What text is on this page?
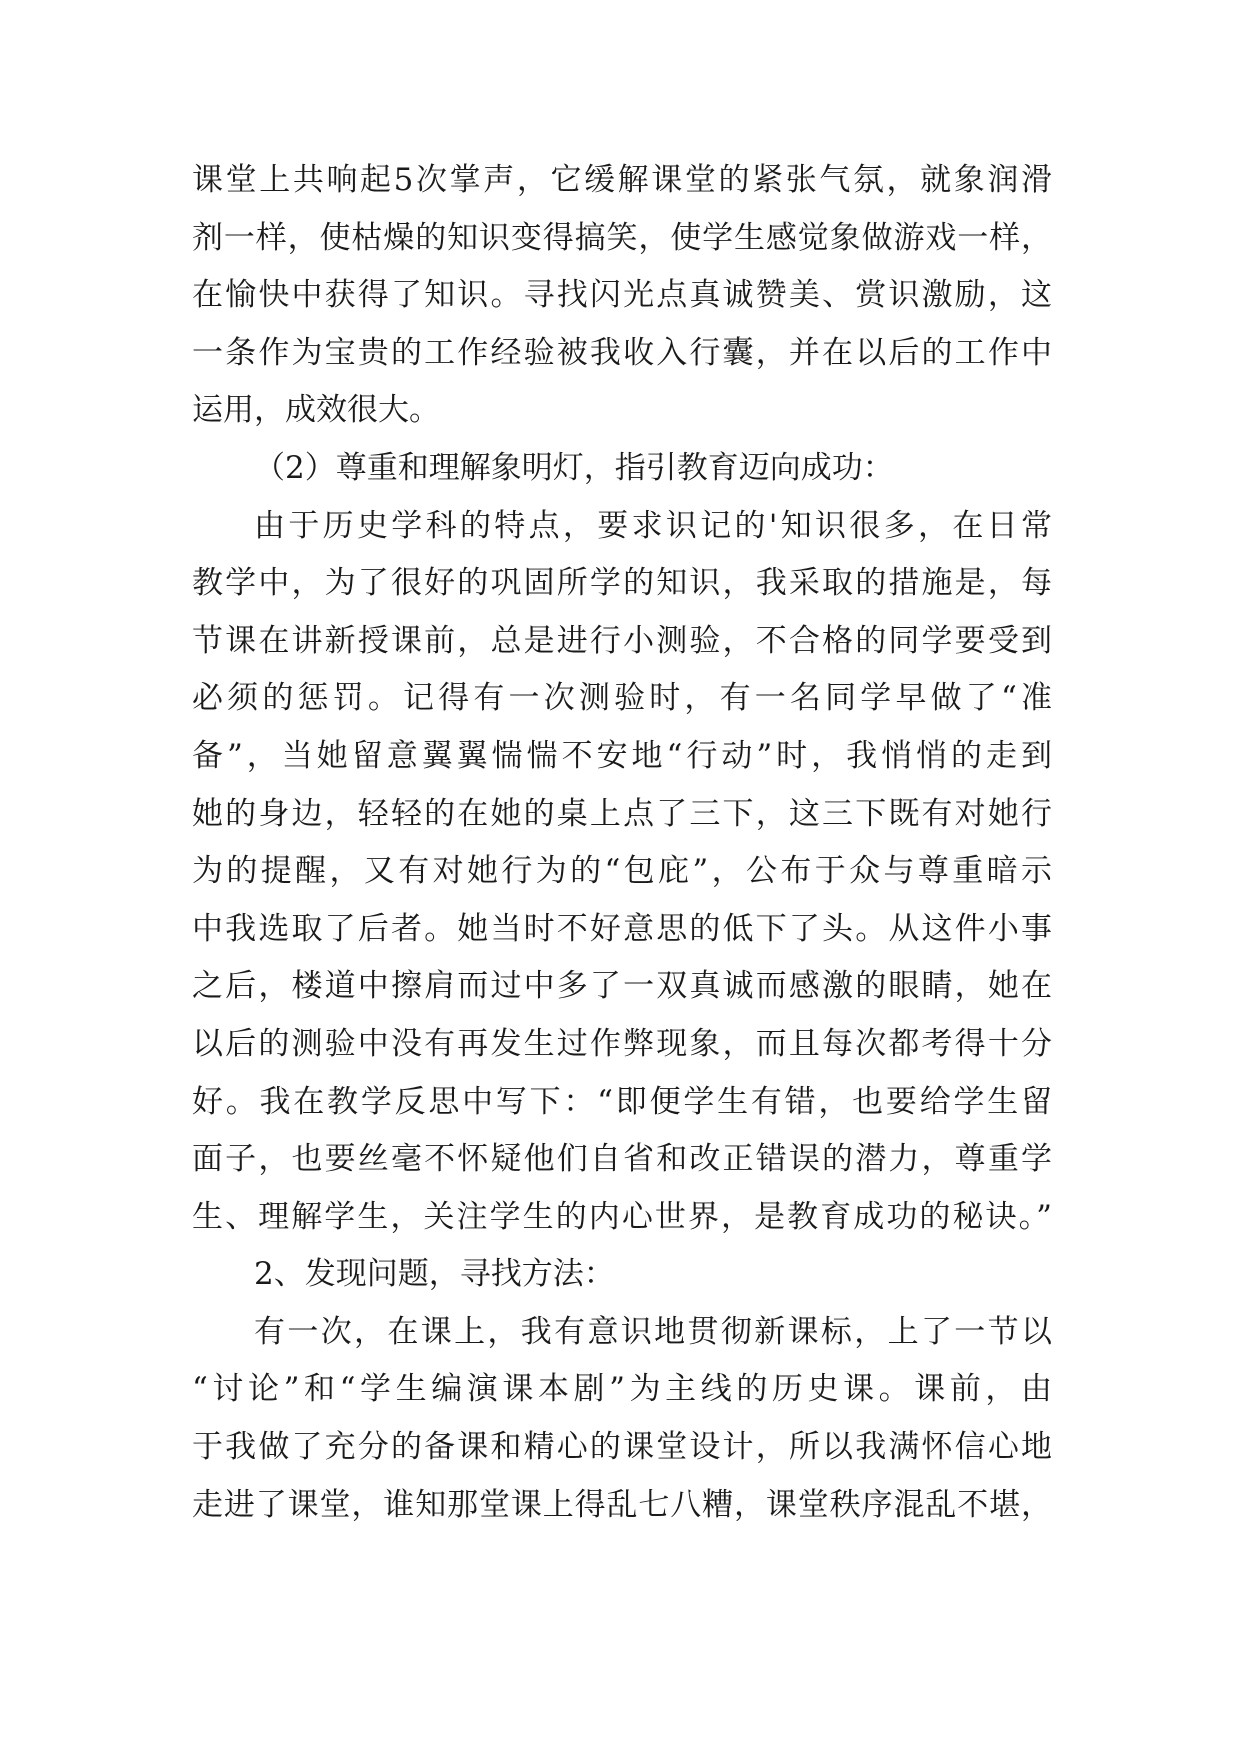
课堂上共响起5次掌声，它缓解课堂的紧张气氛，就象润滑
剂一样，使枯燥的知识变得搞笑，使学生感觉象做游戏一样，
在愉快中获得了知识。寻找闪光点真诚赞美、赏识激励，这
一条作为宝贵的工作经验被我收入行囊，并在以后的工作中
运用，成效很大。
（2）尊重和理解象明灯，指引教育迈向成功：
由于历史学科的特点，要求识记的'知识很多，在日常
教学中，为了很好的巩固所学的知识，我采取的措施是，每
节课在讲新授课前，总是进行小测验，不合格的同学要受到
必须的惩罚。记得有一次测验时，有一名同学早做了“准
备”，当她留意翼翼惴惴不安地“行动”时，我悄悄的走到
她的身边，轻轻的在她的桌上点了三下，这三下既有对她行
为的提醒，又有对她行为的“包庇”，公布于众与尊重暗示
中我选取了后者。她当时不好意思的低下了头。从这件小事
之后，楼道中擦肩而过中多了一双真诚而感激的眼睛，她在
以后的测验中没有再发生过作弊现象，而且每次都考得十分
好。我在教学反思中写下：“即便学生有错，也要给学生留
面子，也要丝毫不怀疑他们自省和改正错误的潜力，尊重学
生、理解学生，关注学生的内心世界，是教育成功的秘诀。”
2、发现问题，寻找方法：
有一次，在课上，我有意识地贯彻新课标，上了一节以
“讨论”和“学生编演课本剧”为主线的历史课。课前，由
于我做了充分的备课和精心的课堂设计，所以我满怀信心地
走进了课堂，谁知那堂课上得乱七八糟，课堂秩序混乱不堪，
